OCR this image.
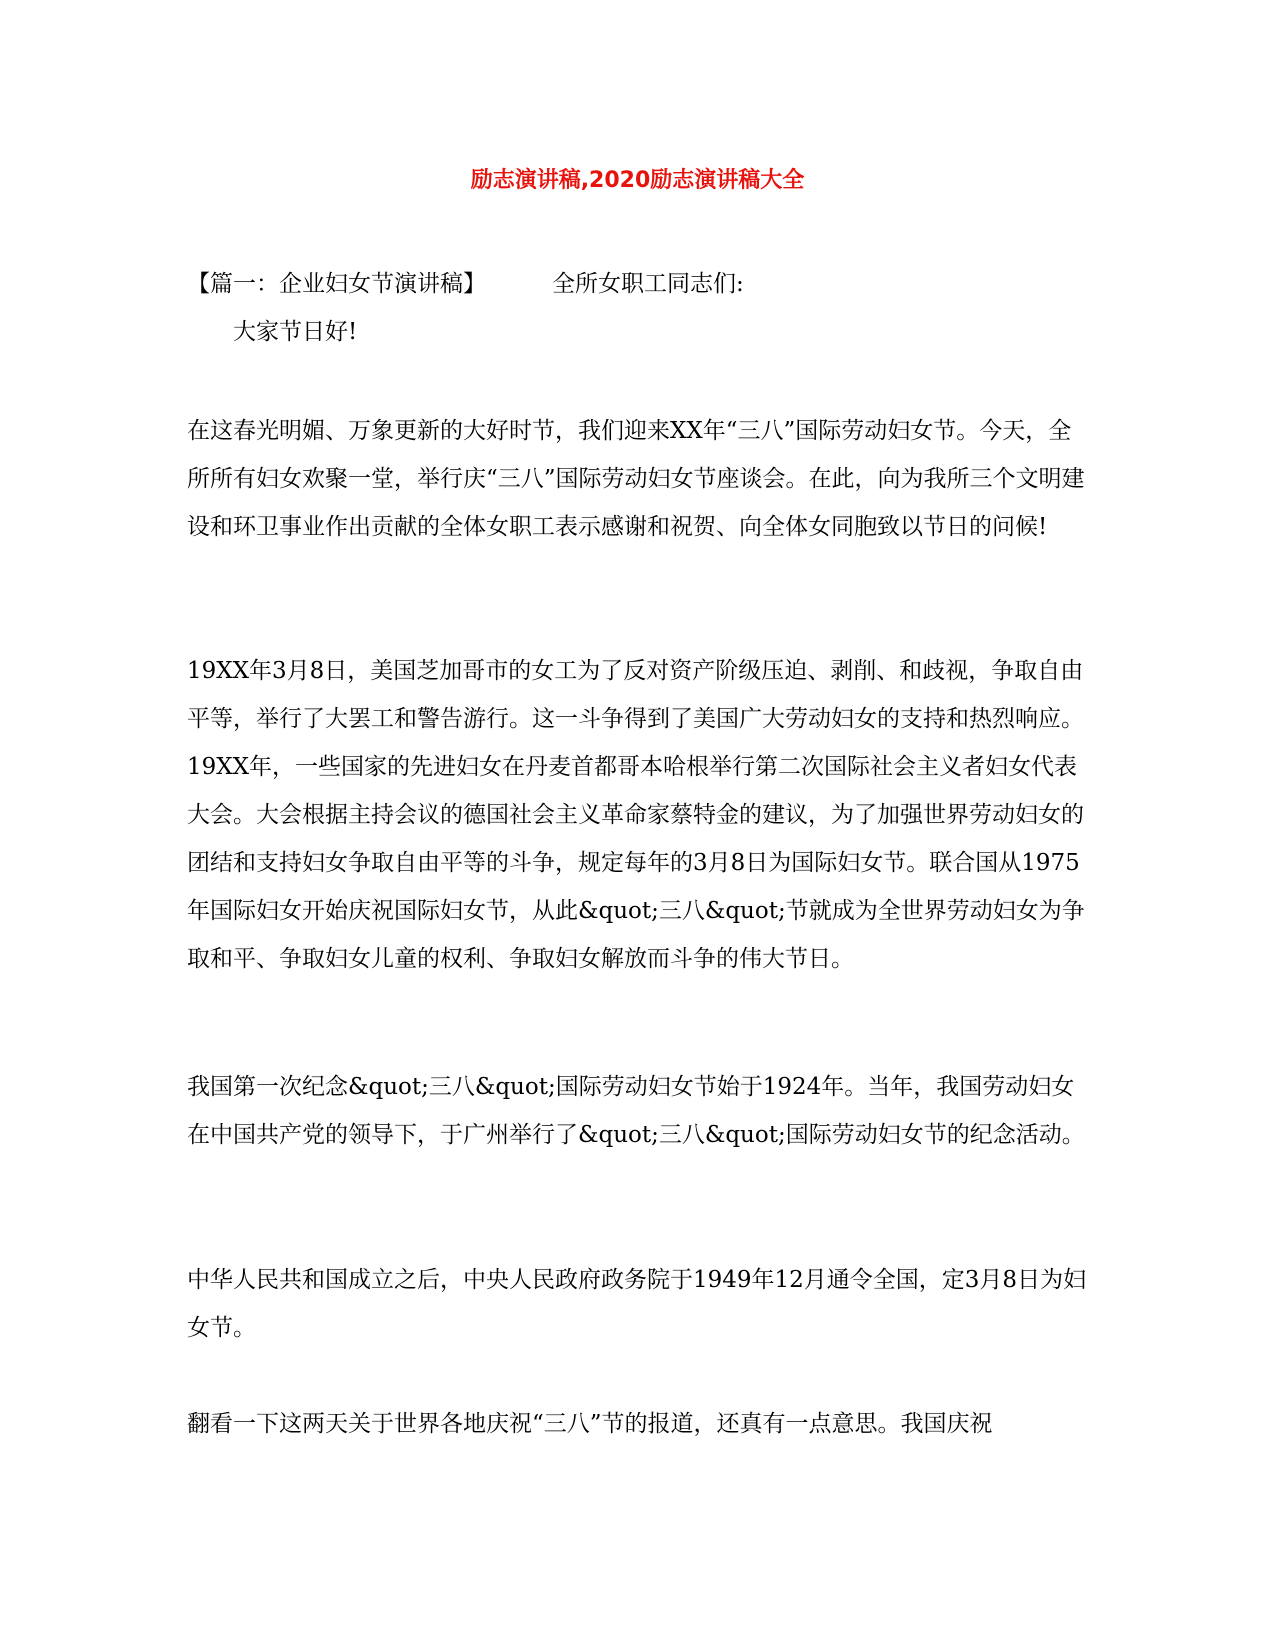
励志演讲稿,2020励志演讲稿大全

【篇一：企业妇女节演讲稿】	全所女职工同志们:

大家节日好!

在这春光明媚、万象更新的大好时节，我们迎来XX年“三八”国际劳动妇女节。今天，全所所有妇女欢聚一堂，举行庆“三八”国际劳动妇女节座谈会。在此，向为我所三个文明建设和环卫事业作出贡献的全体女职工表示感谢和祝贺、向全体女同胞致以节日的问候!

19XX年3月8日，美国芝加哥市的女工为了反对资产阶级压迫、剥削、和歧视，争取自由平等，举行了大罢工和警告游行。这一斗争得到了美国广大劳动妇女的支持和热烈响应。19XX年，一些国家的先进妇女在丹麦首都哥本哈根举行第二次国际社会主义者妇女代表大会。大会根据主持会议的德国社会主义革命家蔡特金的建议，为了加强世界劳动妇女的团结和支持妇女争取自由平等的斗争，规定每年的3月8日为国际妇女节。联合国从1975年国际妇女开始庆祝国际妇女节，从此&quot;三八&quot;节就成为全世界劳动妇女为争取和平、争取妇女儿童的权利、争取妇女解放而斗争的伟大节日。

我国第一次纪念&quot;三八&quot;国际劳动妇女节始于1924年。当年，我国劳动妇女在中国共产党的领导下，于广州举行了&quot;三八&quot;国际劳动妇女节的纪念活动。

中华人民共和国成立之后，中央人民政府政务院于1949年12月通令全国，定3月8日为妇女节。

翻看一下这两天关于世界各地庆祝“三八”节的报道，还真有一点意思。我国庆祝
